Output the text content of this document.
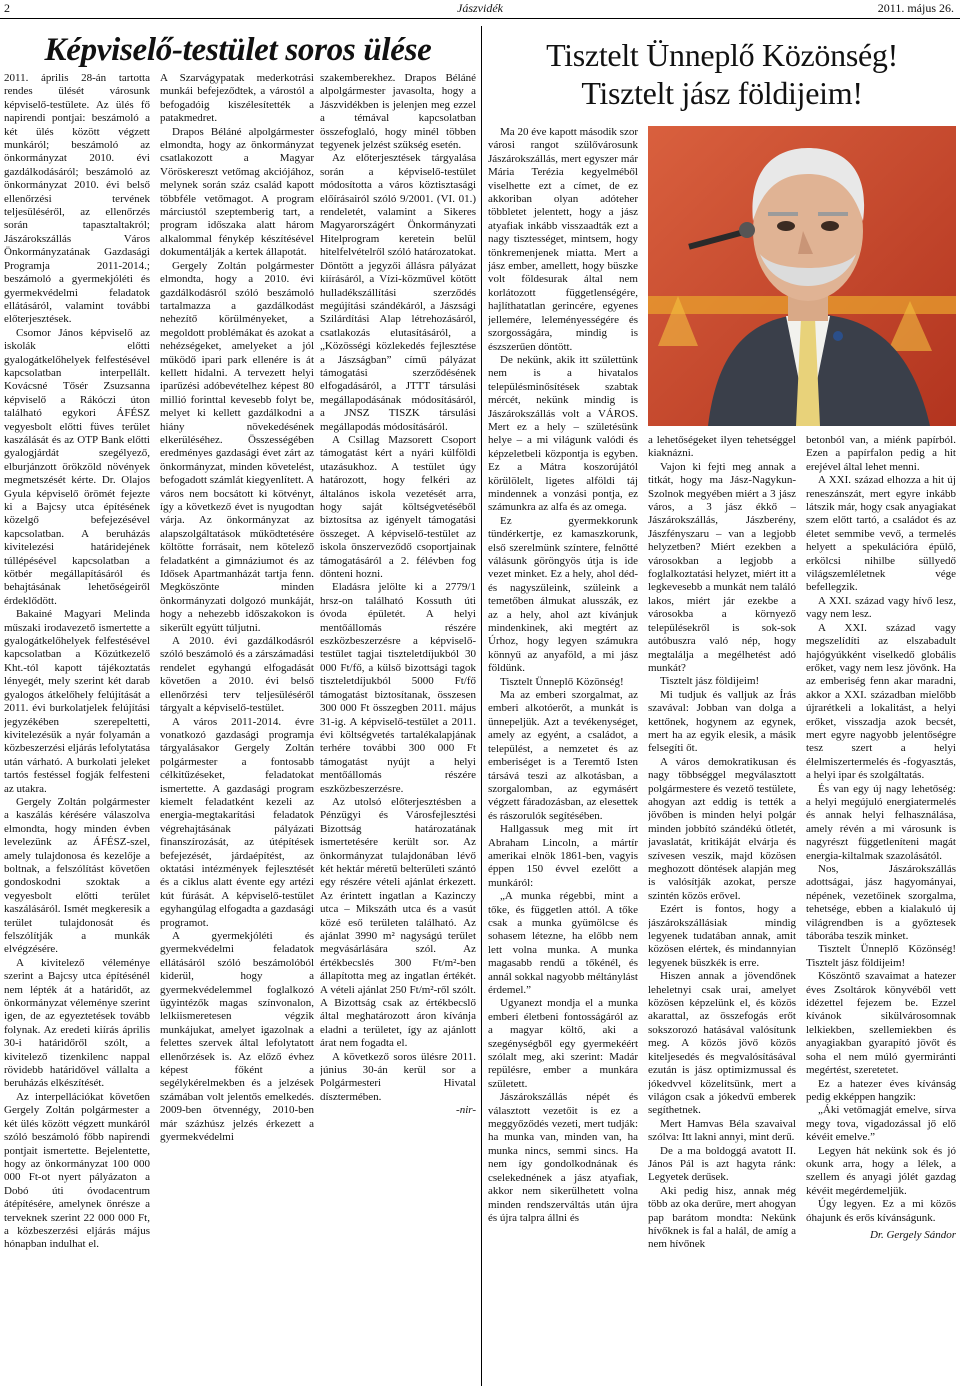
2	Jászvidék	2011. május 26.
Képviselő-testület soros ülése	Tisztelt Ünneplő Közönség!
Tisztelt jász földijeim!

2011. április 28-án tartotta rendes ülését városunk képviselő-testülete. Az ülés fő napirendi pontjai: beszámoló a két ülés között végzett munkáról; beszámoló az önkormányzat 2010. évi gazdálkodásáról; beszámoló az önkormányzat 2010. évi belső ellenőrzési tervének teljesüléséről, az ellenőrzés során tapasztaltakról; Jászárokszállás Város Önkormányzatának Gazdasági Programja 2011-2014.; beszámoló a gyermekjóléti és gyermekvédelmi feladatok ellátásáról, valamint további előterjesztések.

Csomor János képviselő az iskolák előtti gyalogátkelőhelyek felfestésével kapcsolatban interpellált. Kovácsné Tősér Zsuzsanna képviselő a Rákóczi úton található egykori ÁFÉSZ vegyesbolt előtti füves terület kaszálását és az OTP Bank előtti gyalogjárdát szegélyező, elburjánzott örökzöld növények megmetszését kérte. Dr. Olajos Gyula képviselő örömét fejezte ki a Bajcsy utca építésének közelgő befejezésével kapcsolatban. A beruházás kivitelezési határidejének túllépésével kapcsolatban a kötbér megállapításáról és behajtásának lehetőségeiről érdeklődött.

Bakainé Magyari Melinda műszaki irodavezető ismertette a gyalogátkelőhelyek felfestésével kapcsolatban a Közútkezelő Kht.-tól kapott tájékoztatás lényegét, mely szerint két darab gyalogos átkelőhely felújítását a 2011. évi burkolatjelek felújítási jegyzékében szerepeltetti, kivitelezésük a nyár folyamán a közbeszerzési eljárás lefolytatása után várható. A burkolati jeleket tartós festéssel fogják felfesteni az utakra.

Gergely Zoltán polgármester a kaszálás kérésére válaszolva elmondta, hogy minden évben levelezünk az ÁFÉSZ-szel, amely tulajdonosa és kezelője a boltnak, a felszólítást követően gondoskodni szoktak a vegyesbolt előtti terület kaszálásáról. Ismét megkeresik a terület tulajdonosát és felszólítják a munkák elvégzésére.

A kivitelező véleménye szerint a Bajcsy utca építésénél nem lépték át a határidőt, az önkormányzat véleménye szerint igen, de az egyeztetések tovább folynak. Az eredeti kiírás április 30-i határidőről szólt, a kivitelező tizenkilenc nappal rövidebb határidővel vállalta a beruházás elkészítését.

Az interpellációkat követően Gergely Zoltán polgármester a két ülés között végzett munkáról szóló beszámoló főbb napirendi pontjait ismertette. Bejelentette, hogy az önkormányzat 100 000 000 Ft-ot nyert pályázaton a Dobó úti óvodacentrum átépítésére, amelynek önrésze a terveknek szerint 22 000 000 Ft, a közbeszerzési eljárás május hónapban indulhat el.

A Szarvágypatak mederkotrási munkái befejeződtek, a várostól a befogadóig kiszélesítették a patakmedret.

Drapos Béláné alpolgármester elmondta, hogy az önkormányzat csatlakozott a Magyar Vöröskereszt vetőmag akciójához, melynek során száz család kapott többféle vetőmagot. A program márciustól szeptemberig tart, a program időszaka alatt három alkalommal fénykép készítésével dokumentálják a kertek állapotát.

Gergely Zoltán polgármester elmondta, hogy a 2010. évi gazdálkodásról szóló beszámoló tartalmazza a gazdálkodást nehezítő körülményeket, a megoldott problémákat és azokat a nehézségeket, amelyeket a jól működő ipari park ellenére is át kellett hidalni. A tervezett helyi iparűzési adóbevételhez képest 80 millió forinttal kevesebb folyt be, melyet ki kellett gazdálkodni a hiány növekedésének elkerüléséhez. Összességében eredményes gazdasági évet zárt az önkormányzat, minden követelést, befogadott számlát kiegyenlített. A város nem bocsátott ki kötvényt, így a következő évet is nyugodtan várja. Az önkormányzat az alapszolgáltatások működtetésére költötte forrásait, nem kötelező feladatként a gimnáziumot és az Idősek Apartmanházát tartja fenn. Megköszönte minden önkormányzati dolgozó munkáját, hogy a nehezebb időszakokon is sikerült együtt túljutni.

A 2010. évi gazdálkodásról szóló beszámoló és a zárszámadási rendelet egyhangú elfogadását követően a 2010. évi belső ellenőrzési terv teljesüléséről tárgyalt a képviselő-testület.

A város 2011-2014. évre vonatkozó gazdasági programja tárgyalásakor Gergely Zoltán polgármester a fontosabb célkitűzéseket, feladatokat ismertette. A gazdasági program kiemelt feladatként kezeli az energia-megtakarítási feladatok végrehajtásának pályázati finanszírozását, az útépítések befejezését, járdaépítést, az oktatási intézmények fejlesztését és a ciklus alatt évente egy artézi kút fúrását. A képviselő-testület egyhangúlag elfogadta a gazdasági programot.

A gyermekjóléti és gyermekvédelmi feladatok ellátásáról szóló beszámolóból kiderül, hogy a gyermekvédelemmel foglalkozó ügyintézők magas színvonalon, lelkiismeretesen végzik munkájukat, amelyet igazolnak a felettes szervek által lefolytatott ellenőrzések is. Az előző évhez képest főként a segélykérelmekben és a jelzések számában volt jelentős emelkedés. 2009-ben ötvennégy, 2010-ben már százhúsz jelzés érkezett a gyermekvédelmi

szakemberekhez. Drapos Béláné alpolgármester javasolta, hogy a Jászvidékben is jelenjen meg ezzel a témával kapcsolatban összefoglaló, hogy minél többen tegyenek jelzést szükség esetén.

Az előterjesztések tárgyalása során a képviselő-testület módosította a város köztisztasági előírásairól szóló 9/2001. (VI. 01.) rendeletét, valamint a Sikeres Magyarországért Önkormányzati Hitelprogram keretein belül hitelfelvételről szóló határozatokat. Döntött a jegyzői állásra pályázat kiírásáról, a Vízi-közművel kötött hulladékszállítási szerződés megújítási szándékáról, a Jászsági Szilárdítási Alap létrehozásáról, csatlakozás elutasításáról, a „Közösségi közlekedés fejlesztése a Jászságban” című pályázat támogatási szerződésének elfogadásáról, a JTTT társulási megállapodásának módosításáról, a JNSZ TISZK társulási megállapodás módosításáról.

A Csillag Mazsorett Csoport támogatást kért a nyári külföldi utazásukhoz. A testület úgy határozott, hogy felkéri az általános iskola vezetését arra, hogy saját költségvetéséből biztosítsa az igényelt támogatási összeget. A képviselő-testület az iskola önszerveződő csoportjainak támogatásáról a 2. félévben fog dönteni hozni.

Eladásra jelölte ki a 2779/1 hrsz-on található Kossuth úti óvoda épületét. A helyi mentőállomás részére eszközbeszerzésre a képviselő-testület tagjai tiszteletdíjukból 30 000 Ft/fő, a külső bizottsági tagok tiszteletdíjukból 5000 Ft/fő támogatást biztosítanak, összesen 300 000 Ft összegben 2011. május 31-ig. A képviselő-testület a 2011. évi költségvetés tartalékalapjának terhére további 300 000 Ft támogatást nyújt a helyi mentőállomás részére eszközbeszerzésre.

Az utolsó előterjesztésben a Pénzügyi és Városfejlesztési Bizottság határozatának ismertetésére került sor. Az önkormányzat tulajdonában lévő két hektár méretű belterületi szántó egy részére vételi ajánlat érkezett. Az érintett ingatlan a Kazinczy utca – Mikszáth utca és a vasút közé eső területen található. Az ajánlat 3990 m² nagyságú terület megvásárlására szól. Az értékbecslés 300 Ft/m²-ben állapította meg az ingatlan értékét. A vételi ajánlat 250 Ft/m²-ről szólt. A Bizottság csak az értékbecslő által meghatározott áron kívánja eladni a területet, így az ajánlott árat nem fogadta el.

A következő soros ülésre 2011. június 30-án kerül sor a Polgármesteri Hivatal dísztermében.

-nir-

Ma 20 éve kapott második szor városi rangot szülővárosunk Jászárokszállás, mert egyszer már Mária Terézia kegyelméből viselhette ezt a címet, de ez akkoriban olyan adóteher többletet jelentett, hogy a jász atyafiak inkább visszaadták ezt a nagy tisztességet, mintsem, hogy tönkremenjenek miatta. Mert a jász ember, amellett, hogy büszke volt földesurak által nem korlátozott függetlenségére, hajlíthatatlan gerincére, egyenes jellemére, leleményességére és szorgosságára, mindig is észszerűen döntött.

De nekünk, akik itt születtünk nem is a hivatalos településminősítések szabtak mércét, nekünk mindig is Jászárokszállás volt a VÁROS. Mert ez a hely – születésünk helye – a mi világunk valódi és képzeletbeli központja is egyben. Ez a Mátra koszorújától körülölelt, ligetes alföldi táj mindennek a vonzási pontja, ez számunkra az alfa és az omega.

Ez gyermekkorunk tündérkertje, ez kamaszkorunk, első szerelmünk színtere, felnőtté válásunk göröngyös útja is ide vezet minket. Ez a hely, ahol déd- és nagyszüleink, szüleink a temetőben álmukat alusszák, ez az a hely, ahol azt kívánjuk mindenkinek, aki megtért az Úrhoz, hogy legyen számukra könnyű az anyaföld, a mi jász földünk.

Tisztelt Ünneplő Közönség!

Ma az emberi szorgalmat, az emberi alkotóerőt, a munkát is ünnepeljük. Azt a tevékenységet, amely az egyént, a családot, a települést, a nemzetet és az emberiséget is a Teremtő Isten társává teszi az alkotásban, a szorgalomban, az egymásért végzett fáradozásban, az elesettek és rászorulók segítésében.

Hallgassuk meg mit írt Abraham Lincoln, a mártír amerikai elnök 1861-ben, vagyis éppen 150 évvel ezelőtt a munkáról:

„A munka régebbi, mint a tőke, és független attól. A tőke csak a munka gyümölcse és sohasem létezne, ha előbb nem lett volna munka. A munka magasabb rendű a tőkénél, és annál sokkal nagyobb méltánylást érdemel.”

Ugyanezt mondja el a munka emberi életbeni fontosságáról az a magyar költő, aki a szegénységből egy gyermekéért szólalt meg, aki szerint: Madár repülésre, ember a munkára született.

Jászárokszállás népét és választott vezetőit is ez a meggyőződés vezeti, mert tudják: ha munka van, minden van, ha munka nincs, semmi sincs. Ha nem így gondolkodnának és cselekednének a jász atyafiak, akkor nem sikerülhetett volna minden rendszerváltás után újra és újra talpra állni és

a lehetőségeket ilyen tehetséggel kiaknázni.

Vajon ki fejti meg annak a titkát, hogy ma Jász-Nagykun-Szolnok megyében miért a 3 jász város, a 3 jász ékkő – Jászárokszállás, Jászberény, Jászfényszaru – van a legjobb helyzetben? Miért ezekben a városokban a legjobb a foglalkoztatási helyzet, miért itt a legkevesebb a munkát nem találó lakos, miért jár ezekbe a városokba a környező településekről is sok-sok autóbuszra való nép, hogy megtalálja a megélhetést adó munkát?

Tisztelt jász földijeim!

Mi tudjuk és valljuk az Írás szavával: Jobban van dolga a kettőnek, hogynem az egynek, mert ha az egyik elesik, a másik felsegíti őt.

A város demokratikusan és nagy többséggel megválasztott polgármestere és vezető testülete, ahogyan azt eddig is tették a jövőben is minden helyi polgár minden jobbító szándékú ötletét, javaslatát, kritikáját elvárja és szívesen veszik, majd közösen meghozott döntések alapján meg is valósítják azokat, persze szintén közös erővel.

Ezért is fontos, hogy a jászárokszállásiak mindig legyenek tudatában annak, amit közösen elértek, és mindannyian legyenek büszkék is erre.

Hiszen annak a jövendőnek leheletnyi csak urai, amelyet közösen képzelünk el, és közös akarattal, az összefogás erőt sokszorozó hatásával valósítunk meg. A közös jövő közös kiteljesedés és megvalósításával ezután is jász optimizmussal és jókedvvel közelítsünk, mert a világon csak a jókedvű emberek segíthetnek.

Mert Hamvas Béla szavaival szólva: Itt lakni annyi, mint derű.

De a ma boldoggá avatott II. János Pál is azt hagyta ránk: Legyetek derűsek.

Aki pedig hisz, annak még több az oka derűre, mert ahogyan pap barátom mondta: Nekünk hívőknek is fal a halál, de amíg a nem hívőnek

betonból van, a miénk papírból. Ezen a papírfalon pedig a hit erejével által lehet menni.

A XXI. század elhozza a hit új reneszánszát, mert egyre inkább látszik már, hogy csak anyagiakat szem előtt tartó, a családot és az életet semmibe vevő, a termelés helyett a spekulációra épülő, erkölcsi nihilbe süllyedő világszemléletnek vége befellegzik.

A XXI. század vagy hívő lesz, vagy nem lesz.

A XXI. század vagy megszelídíti az elszabadult hajógyúkként viselkedő globális erőket, vagy nem lesz jövőnk. Ha az emberiség fenn akar maradni, akkor a XXI. században mielőbb újrarétkeli a lokalitást, a helyi erőket, visszadja azok becsét, mert egyre nagyobb jelentőségre tesz szert a helyi élelmiszertermelés és -fogyasztás, a helyi ipar és szolgáltatás.

És van egy új nagy lehetőség: a helyi megújuló energiatermelés és annak helyi felhasználása, amely révén a mi városunk is nagyrészt függetleníteni magát energia-kiltalmak szazolásától.

Nos, Jászárokszállás adottságai, jász hagyományai, népének, vezetőinek szorgalma, tehetsége, ebben a kialakuló új világrendben is a győztesek táborába teszik minket.

Tisztelt Ünneplő Közönség! Tisztelt jász földijeim!

Köszöntő szavaimat a hatezer éves Zsoltárok könyvéből vett idézettel fejezem be. Ezzel kívánok sikülvárosomnak lelkiekben, szellemiekben és anyagiakban gyarapító jövőt és soha el nem múló gyermiránti megértést, szeretetet.

Ez a hatezer éves kívánság pedig ekképpen hangzik:

„Áki vetőmagját emelve, sírva megy tova, vigadozással jő elő kévéit emelve.”

Legyen hát nekünk sok és jó okunk arra, hogy a lélek, a szellem és anyagi jólét gazdag kévéit megérdemeljük.

Úgy legyen. Ez a mi közös óhajunk és erős kívánságunk.

Dr. Gergely Sándor
